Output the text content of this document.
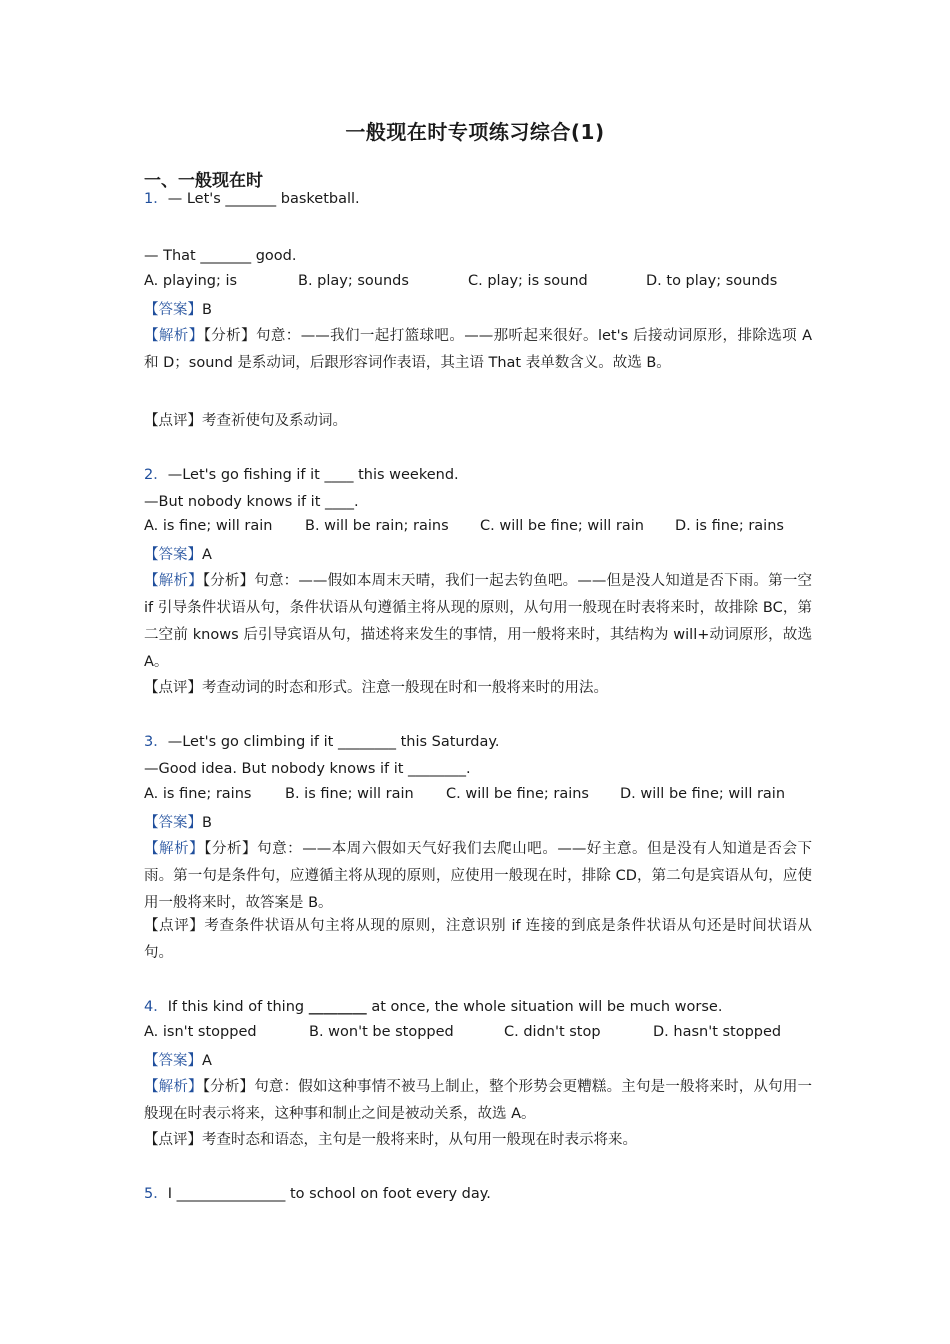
一般现在时专项练习综合(1)
一、一般现在时
1．— Let's _______ basketball.
— That _______ good.
A. playing; is	B. play; sounds	C. play; is sound	D. to play; sounds
【答案】B
【解析】【分析】句意：——我们一起打篮球吧。——那听起来很好。let's 后接动词原形，排除选项 A 和 D；sound 是系动词，后跟形容词作表语，其主语 That 表单数含义。故选 B。
【点评】考查祈使句及系动词。
2．—Let's go fishing if it ____ this weekend.
—But nobody knows if it ____.
A. is fine; will rain B. will be rain; rains C. will be fine; will rain D. is fine; rains
【答案】A
【解析】【分析】句意：——假如本周末天晴，我们一起去钓鱼吧。——但是没人知道是否下雨。第一空 if 引导条件状语从句，条件状语从句遵循主将从现的原则，从句用一般现在时表将来时，故排除 BC，第二空前 knows 后引导宾语从句，描述将来发生的事情，用一般将来时，其结构为 will+动词原形，故选 A。
【点评】考查动词的时态和形式。注意一般现在时和一般将来时的用法。
3．—Let's go climbing if it ________ this Saturday.
—Good idea. But nobody knows if it ________.
A. is fine; rains B. is fine; will rain C. will be fine; rains D. will be fine; will rain
【答案】B
【解析】【分析】句意：——本周六假如天气好我们去爬山吧。——好主意。但是没有人知道是否会下雨。第一句是条件句，应遵循主将从现的原则，应使用一般现在时，排除 CD，第二句是宾语从句，应使用一般将来时，故答案是 B。
【点评】考查条件状语从句主将从现的原则，注意识别 if 连接的到底是条件状语从句还是时间状语从句。
4．If this kind of thing ________ at once, the whole situation will be much worse.
A. isn't stopped	B. won't be stopped	C. didn't stop	D. hasn't stopped
【答案】A
【解析】【分析】句意：假如这种事情不被马上制止，整个形势会更糟糕。主句是一般将来时，从句用一般现在时表示将来，这种事和制止之间是被动关系，故选 A。
【点评】考查时态和语态，主句是一般将来时，从句用一般现在时表示将来。
5．I _______________ to school on foot every day.
